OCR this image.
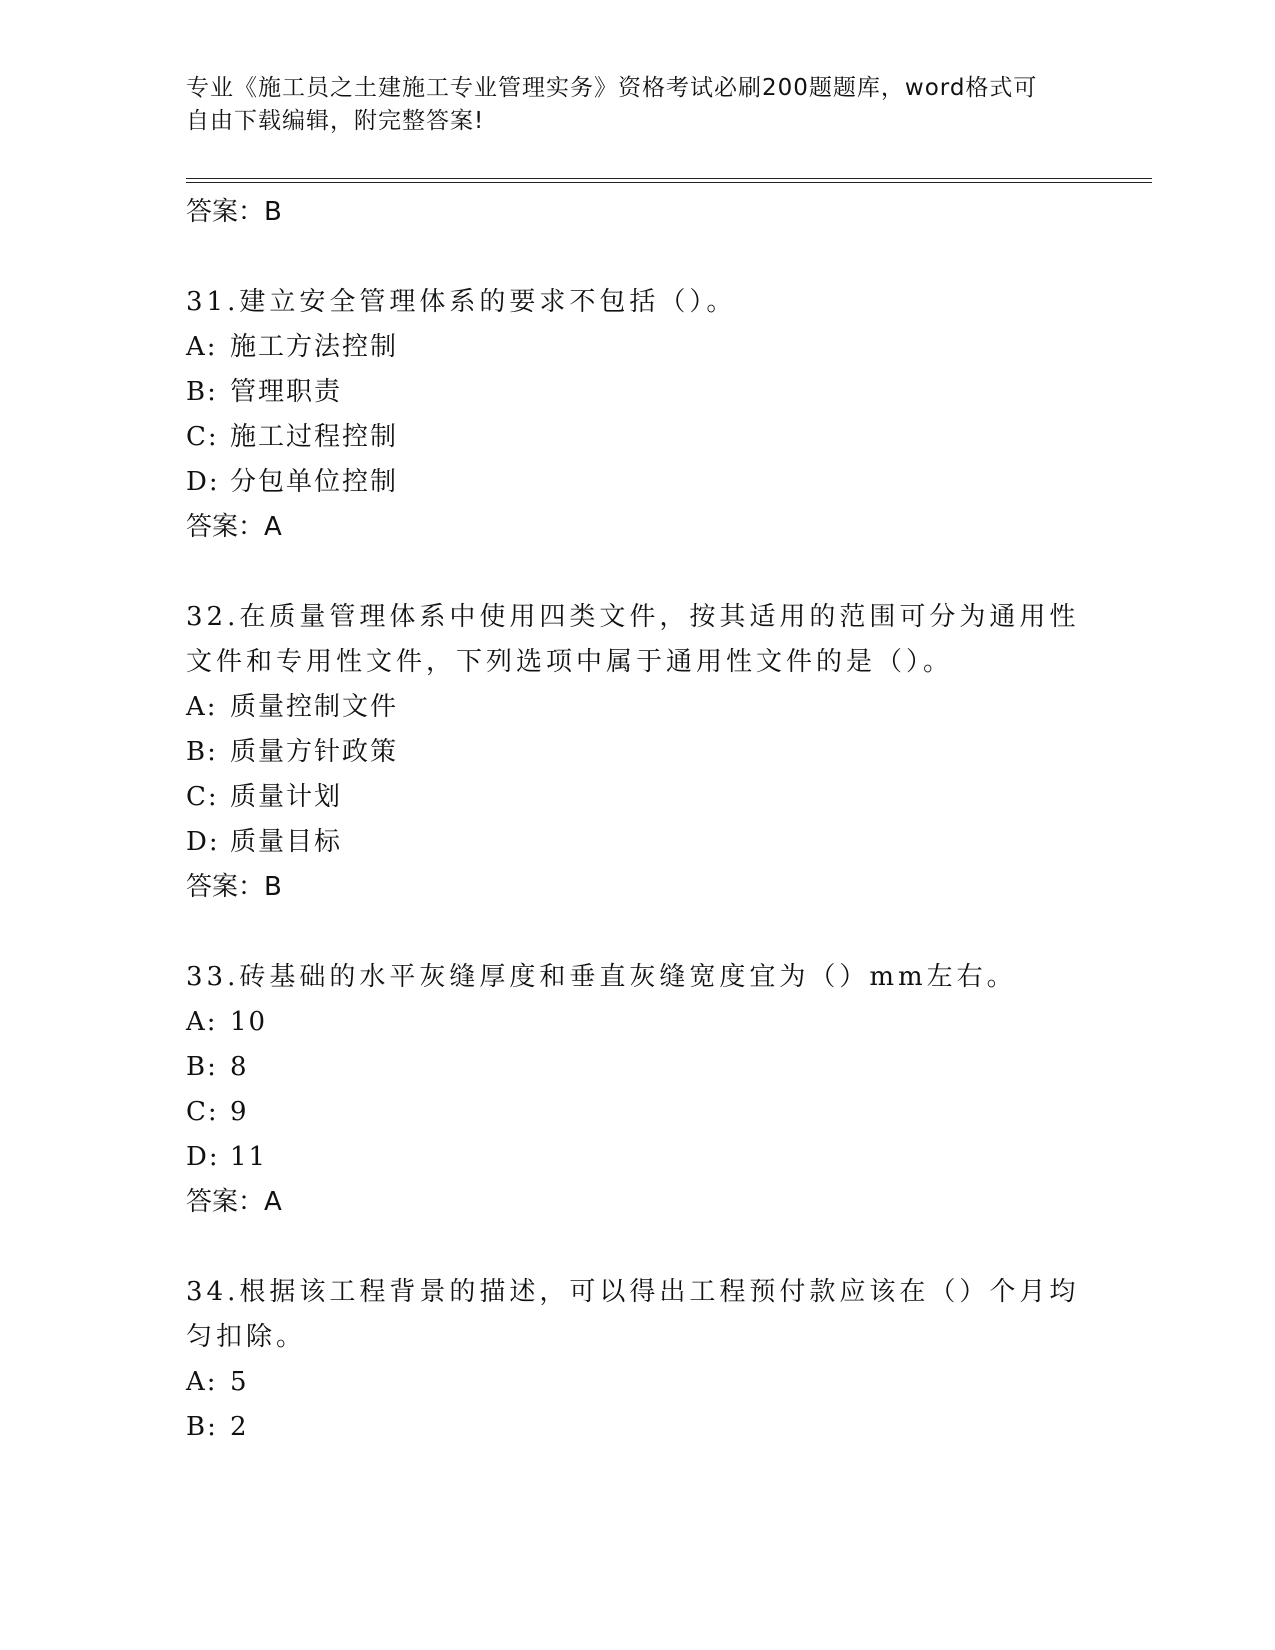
专业《施工员之土建施工专业管理实务》资格考试必刷200题题库，word格式可
自由下载编辑，附完整答案!
答案：B
31.建立安全管理体系的要求不包括（）。
A: 施工方法控制
B: 管理职责
C: 施工过程控制
D: 分包单位控制
答案：A
32.在质量管理体系中使用四类文件，按其适用的范围可分为通用性文件和专用性文件，下列选项中属于通用性文件的是（）。
A: 质量控制文件
B: 质量方针政策
C: 质量计划
D: 质量目标
答案：B
33.砖基础的水平灰缝厚度和垂直灰缝宽度宜为（）mm左右。
A: 10
B: 8
C: 9
D: 11
答案：A
34.根据该工程背景的描述，可以得出工程预付款应该在（）个月均匀扣除。
A: 5
B: 2
